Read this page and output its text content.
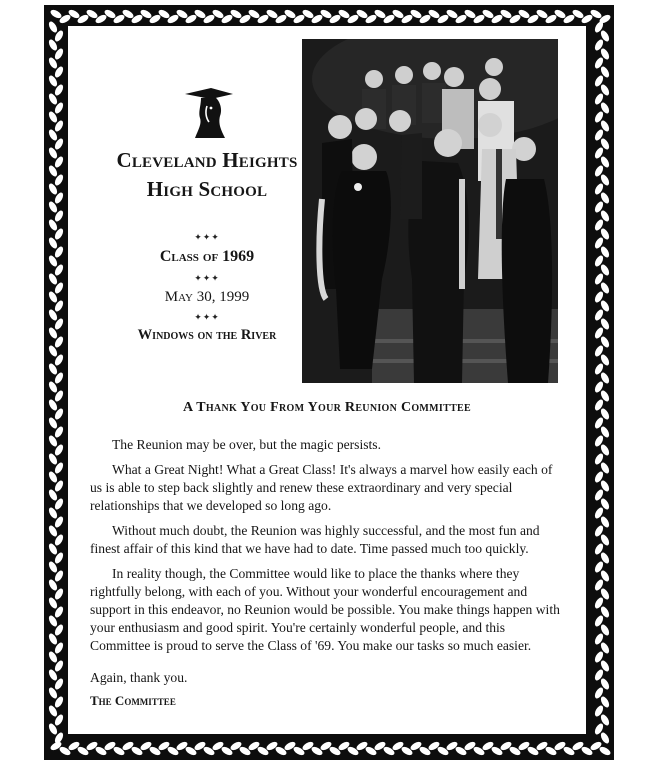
Cleveland Heights High School
✦✦✦
Class of 1969
✦✦✦
May 30, 1999
✦✦✦
Windows on the River
A Thank You From Your Reunion Committee

The Reunion may be over, but the magic persists.

What a Great Night! What a Great Class! It's always a marvel how easily each of us is able to step back slightly and renew these extraordinary and very special relationships that we developed so long ago.

Without much doubt, the Reunion was highly successful, and the most fun and finest affair of this kind that we have had to date. Time passed much too quickly.

In reality though, the Committee would like to place the thanks where they rightfully belong, with each of you. Without your wonderful encouragement and support in this endeavor, no Reunion would be possible. You make things happen with your enthusiasm and good spirit. You're certainly wonderful people, and this Committee is proud to serve the Class of '69. You make our tasks so much easier.

Again, thank you.

The Committee
